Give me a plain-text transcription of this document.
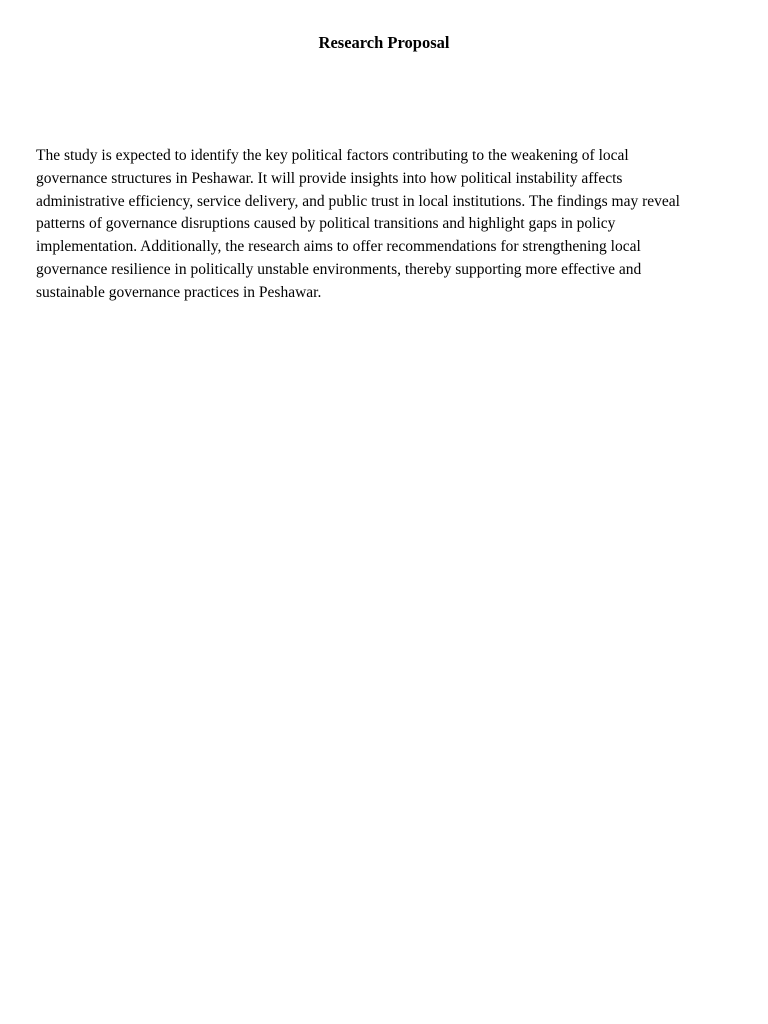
Research Proposal

The study is expected to identify the key political factors contributing to the weakening of local
governance structures in Peshawar. It will provide insights into how political instability affects
administrative efficiency, service delivery, and public trust in local institutions. The findings may reveal
patterns of governance disruptions caused by political transitions and highlight gaps in policy
implementation. Additionally, the research aims to offer recommendations for strengthening local
governance resilience in politically unstable environments, thereby supporting more effective and
sustainable governance practices in Peshawar.
